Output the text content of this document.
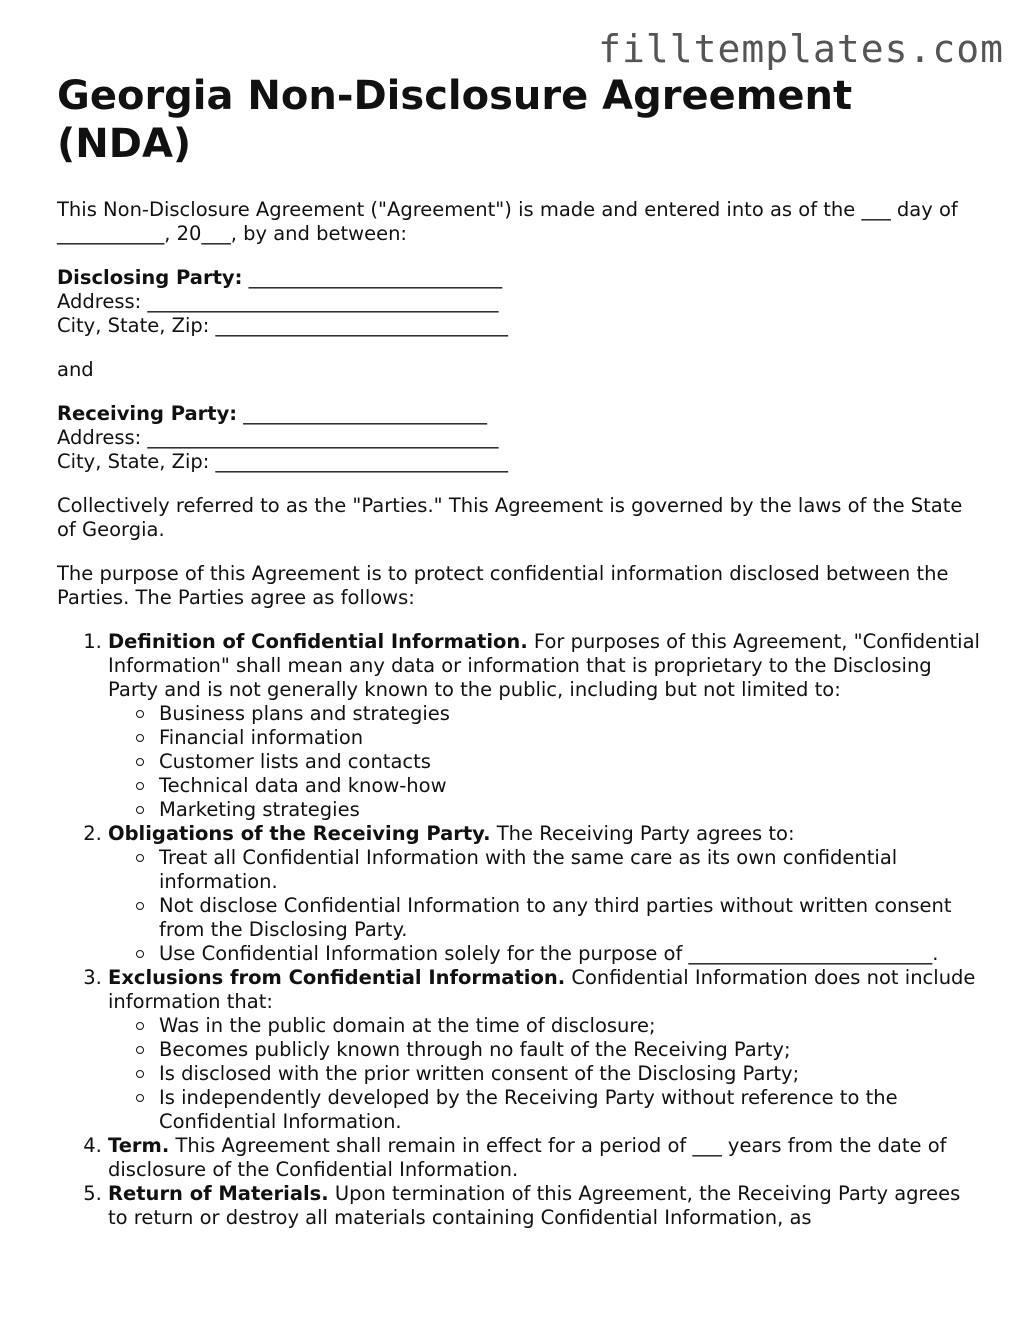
filltemplates.com
Georgia Non-Disclosure Agreement (NDA)

This Non-Disclosure Agreement ("Agreement") is made and entered into as of the ___ day of ___________, 20___, by and between:

Disclosing Party: __________________________
Address: ____________________________________
City, State, Zip: ______________________________

and

Receiving Party: _________________________
Address: ____________________________________
City, State, Zip: ______________________________

Collectively referred to as the "Parties." This Agreement is governed by the laws of the State of Georgia.

The purpose of this Agreement is to protect confidential information disclosed between the Parties. The Parties agree as follows:

1. Definition of Confidential Information. For purposes of this Agreement, "Confidential Information" shall mean any data or information that is proprietary to the Disclosing Party and is not generally known to the public, including but not limited to:
Business plans and strategies
Financial information
Customer lists and contacts
Technical data and know-how
Marketing strategies
2. Obligations of the Receiving Party. The Receiving Party agrees to:
Treat all Confidential Information with the same care as its own confidential information.
Not disclose Confidential Information to any third parties without written consent from the Disclosing Party.
Use Confidential Information solely for the purpose of _________________________.
3. Exclusions from Confidential Information. Confidential Information does not include information that:
Was in the public domain at the time of disclosure;
Becomes publicly known through no fault of the Receiving Party;
Is disclosed with the prior written consent of the Disclosing Party;
Is independently developed by the Receiving Party without reference to the Confidential Information.
4. Term. This Agreement shall remain in effect for a period of ___ years from the date of disclosure of the Confidential Information.
5. Return of Materials. Upon termination of this Agreement, the Receiving Party agrees to return or destroy all materials containing Confidential Information, as
